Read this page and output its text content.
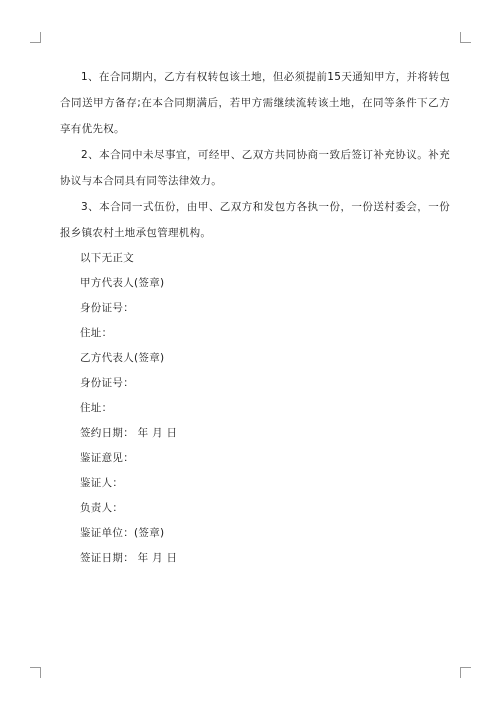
1、在合同期内，乙方有权转包该土地，但必须提前15天通知甲方，并将转包合同送甲方备存;在本合同期满后，若甲方需继续流转该土地，在同等条件下乙方享有优先权。

2、本合同中未尽事宜，可经甲、乙双方共同协商一致后签订补充协议。补充协议与本合同具有同等法律效力。

3、本合同一式伍份，由甲、乙双方和发包方各执一份，一份送村委会，一份报乡镇农村土地承包管理机构。

以下无正文

甲方代表人(签章)

身份证号：

住址：

乙方代表人(签章)

身份证号：

住址：

签约日期： 年 月 日

鉴证意见：

鉴证人：

负责人：

鉴证单位：(签章)

签证日期： 年 月 日
